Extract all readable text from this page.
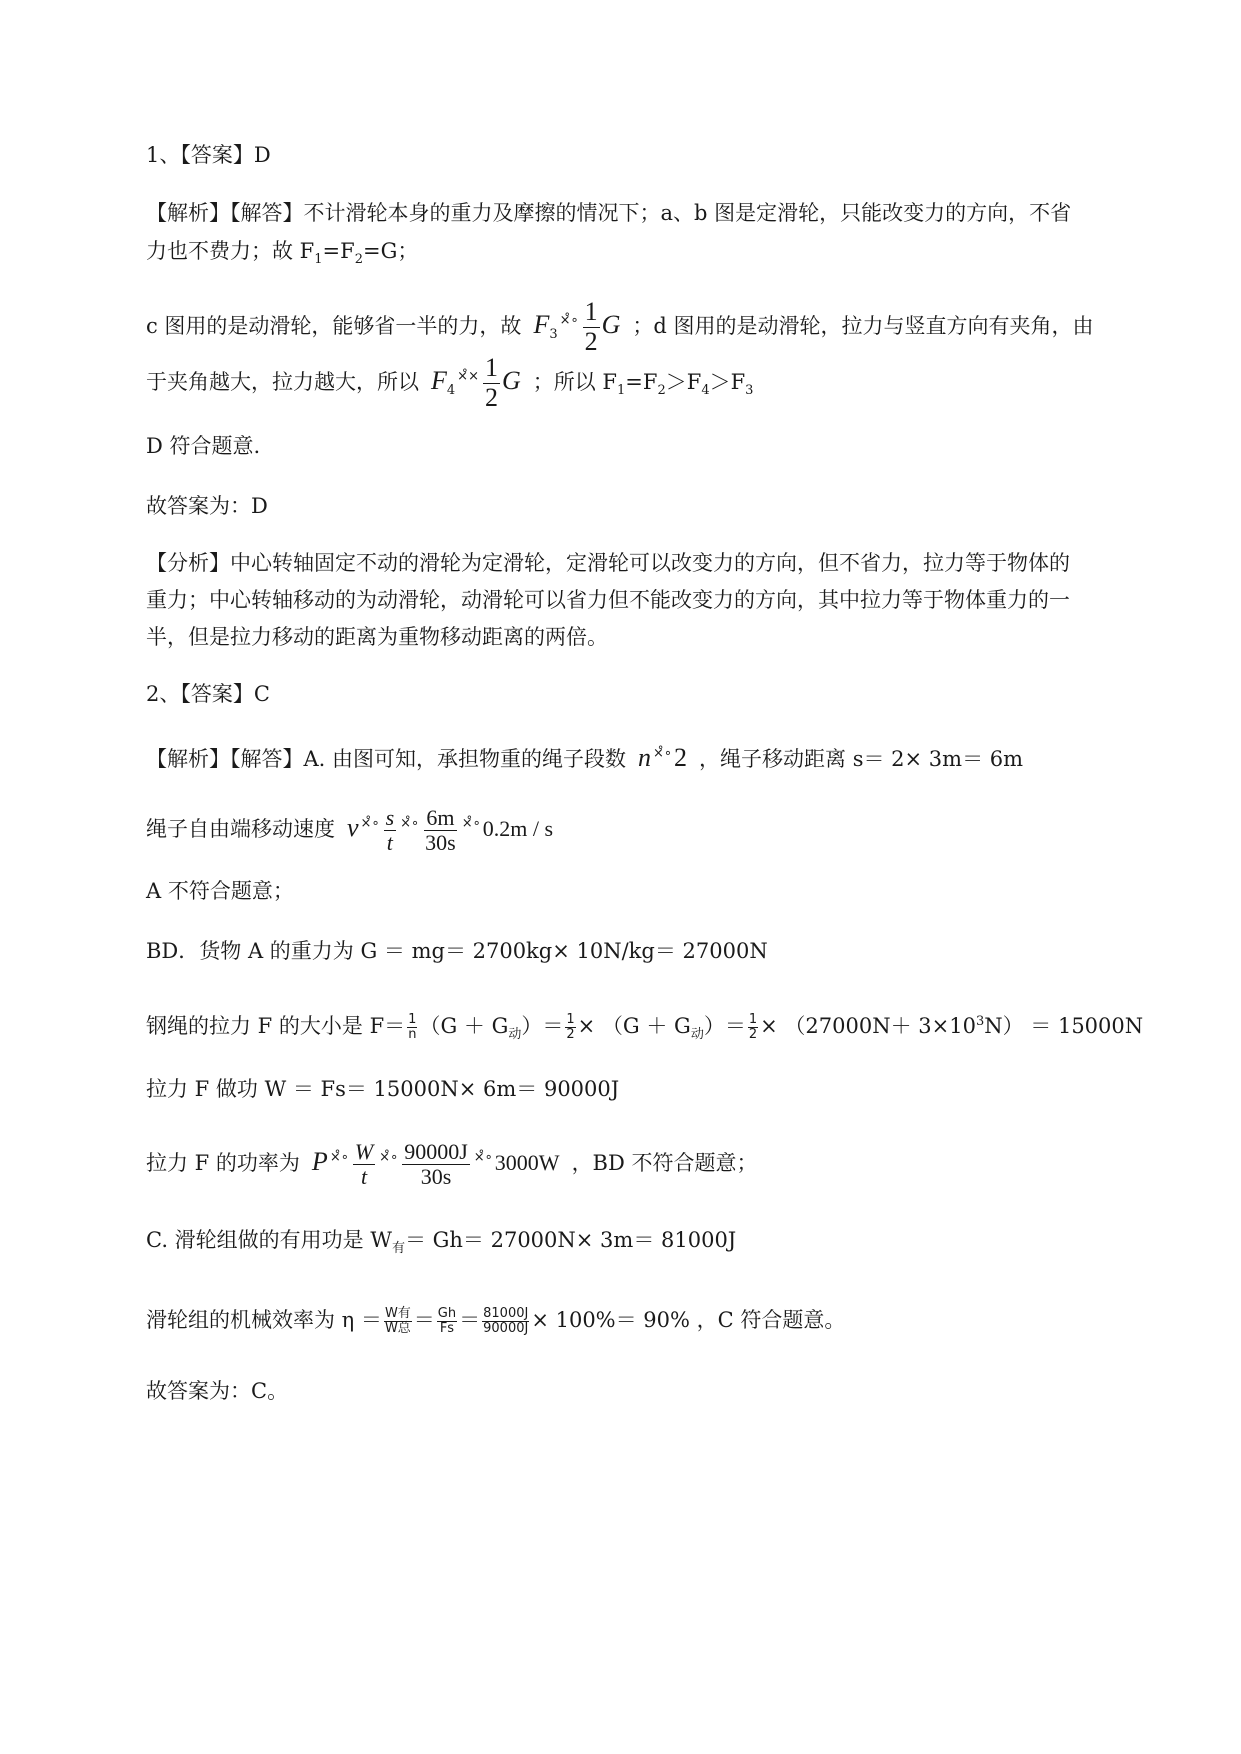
1、【答案】D
【解析】【解答】不计滑轮本身的重力及摩擦的情况下；a、b 图是定滑轮，只能改变力的方向，不省
力也不费力；故 $F_1=F_2=G$；
c 图用的是动滑轮，能够省一半的力，故 $F_3^{\times̊\circ} \frac{1}{2}$ G ；d 图用的是动滑轮，拉力与竖直方向有夹角，由
于夹角越大，拉力越大，所以 $F_4^{\times̊\times} \frac{1}{2}$ G ；所以 $F_1=F_2>F_4>F_3$
D 符合题意.
故答案为：D
【分析】中心转轴固定不动的滑轮为定滑轮，定滑轮可以改变力的方向，但不省力，拉力等于物体的
重力；中心转轴移动的为动滑轮，动滑轮可以省力但不能改变力的方向，其中拉力等于物体重力的一
半，但是拉力移动的距离为重物移动距离的两倍。
2、【答案】C
【解析】【解答】A. 由图可知，承担物重的绳子段数 n ×̊∘2 ，绳子移动距离 s＝ 2× 3m＝ 6m
绳子自由端移动速度 v $^{\times̊\circ} \frac{s}{t} ^{\times̊\circ} \frac{6m}{30s} ^{\times̊\circ}0.2m$ / s
A 不符合题意；
BD．货物 A 的重力为 G ＝ mg＝ 2700kg× 10N/kg＝ 27000N
钢绳的拉力 F 的大小是 $F= \frac{1}{n} (G + G_动)= \frac{1}{2} \times (G + G_动)= \frac{1}{2} \times (27000N+ 3\times 10^3N) = 15000N$
拉力 F 做功 W ＝ Fs＝ 15000N× 6m＝ 90000J
拉力 F 的功率为 P $^{\times̊\circ} \frac{W}{t} ^{\times̊\circ} \frac{90000J}{30s} ^{\times̊\circ}3000W$ ，BD 不符合题意；
C. 滑轮组做的有用功是 $W_有= Gh= 27000N\times 3m= 81000J$
滑轮组的机械效率为 η ＝ W有
W总 ＝ $\frac{Gh}{Fs} = \frac{81000J}{90000J} \times 100\%= 90\%$ ，C 符合题意。
故答案为：C。
